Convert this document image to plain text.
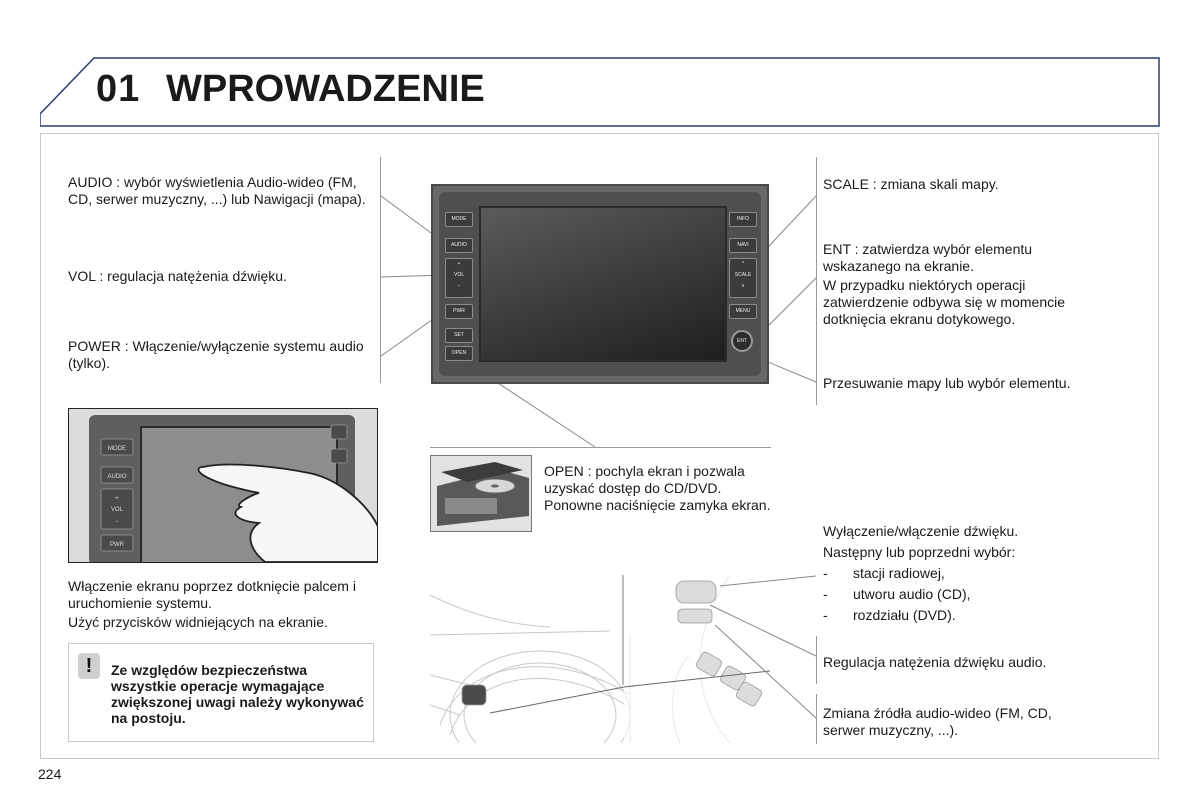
01 WPROWADZENIE
AUDIO : wybór wyświetlenia Audio-wideo (FM, CD, serwer muzyczny, ...) lub Nawigacji (mapa).
VOL : regulacja natężenia dźwięku.
POWER : Włączenie/wyłączenie systemu audio (tylko).
SCALE : zmiana skali mapy.
ENT : zatwierdza wybór elementu wskazanego na ekranie.
W przypadku niektórych operacji zatwierdzenie odbywa się w momencie dotknięcia ekranu dotykowego.
Przesuwanie mapy lub wybór elementu.
MODE
AUDIO
+
VOL
−
PWR
SET
OPEN
INFO
NAVI
^
SCALE
v
MENU
ENT
MODE
AUDIO
+
VOL
−
PWR
Włączenie ekranu poprzez dotknięcie palcem i uruchomienie systemu.
Użyć przycisków widniejących na ekranie.
!	Ze względów bezpieczeństwa wszystkie operacje wymagające zwiększonej uwagi należy wykonywać na postoju.
OPEN : pochyla ekran i pozwala uzyskać dostęp do CD/DVD. Ponowne naciśnięcie zamyka ekran.
Wyłączenie/włączenie dźwięku.
Następny lub poprzedni wybór:
- stacji radiowej,
- utworu audio (CD),
- rozdziału (DVD).
Regulacja natężenia dźwięku audio.
Zmiana źródła audio-wideo (FM, CD, serwer muzyczny, ...).
224
